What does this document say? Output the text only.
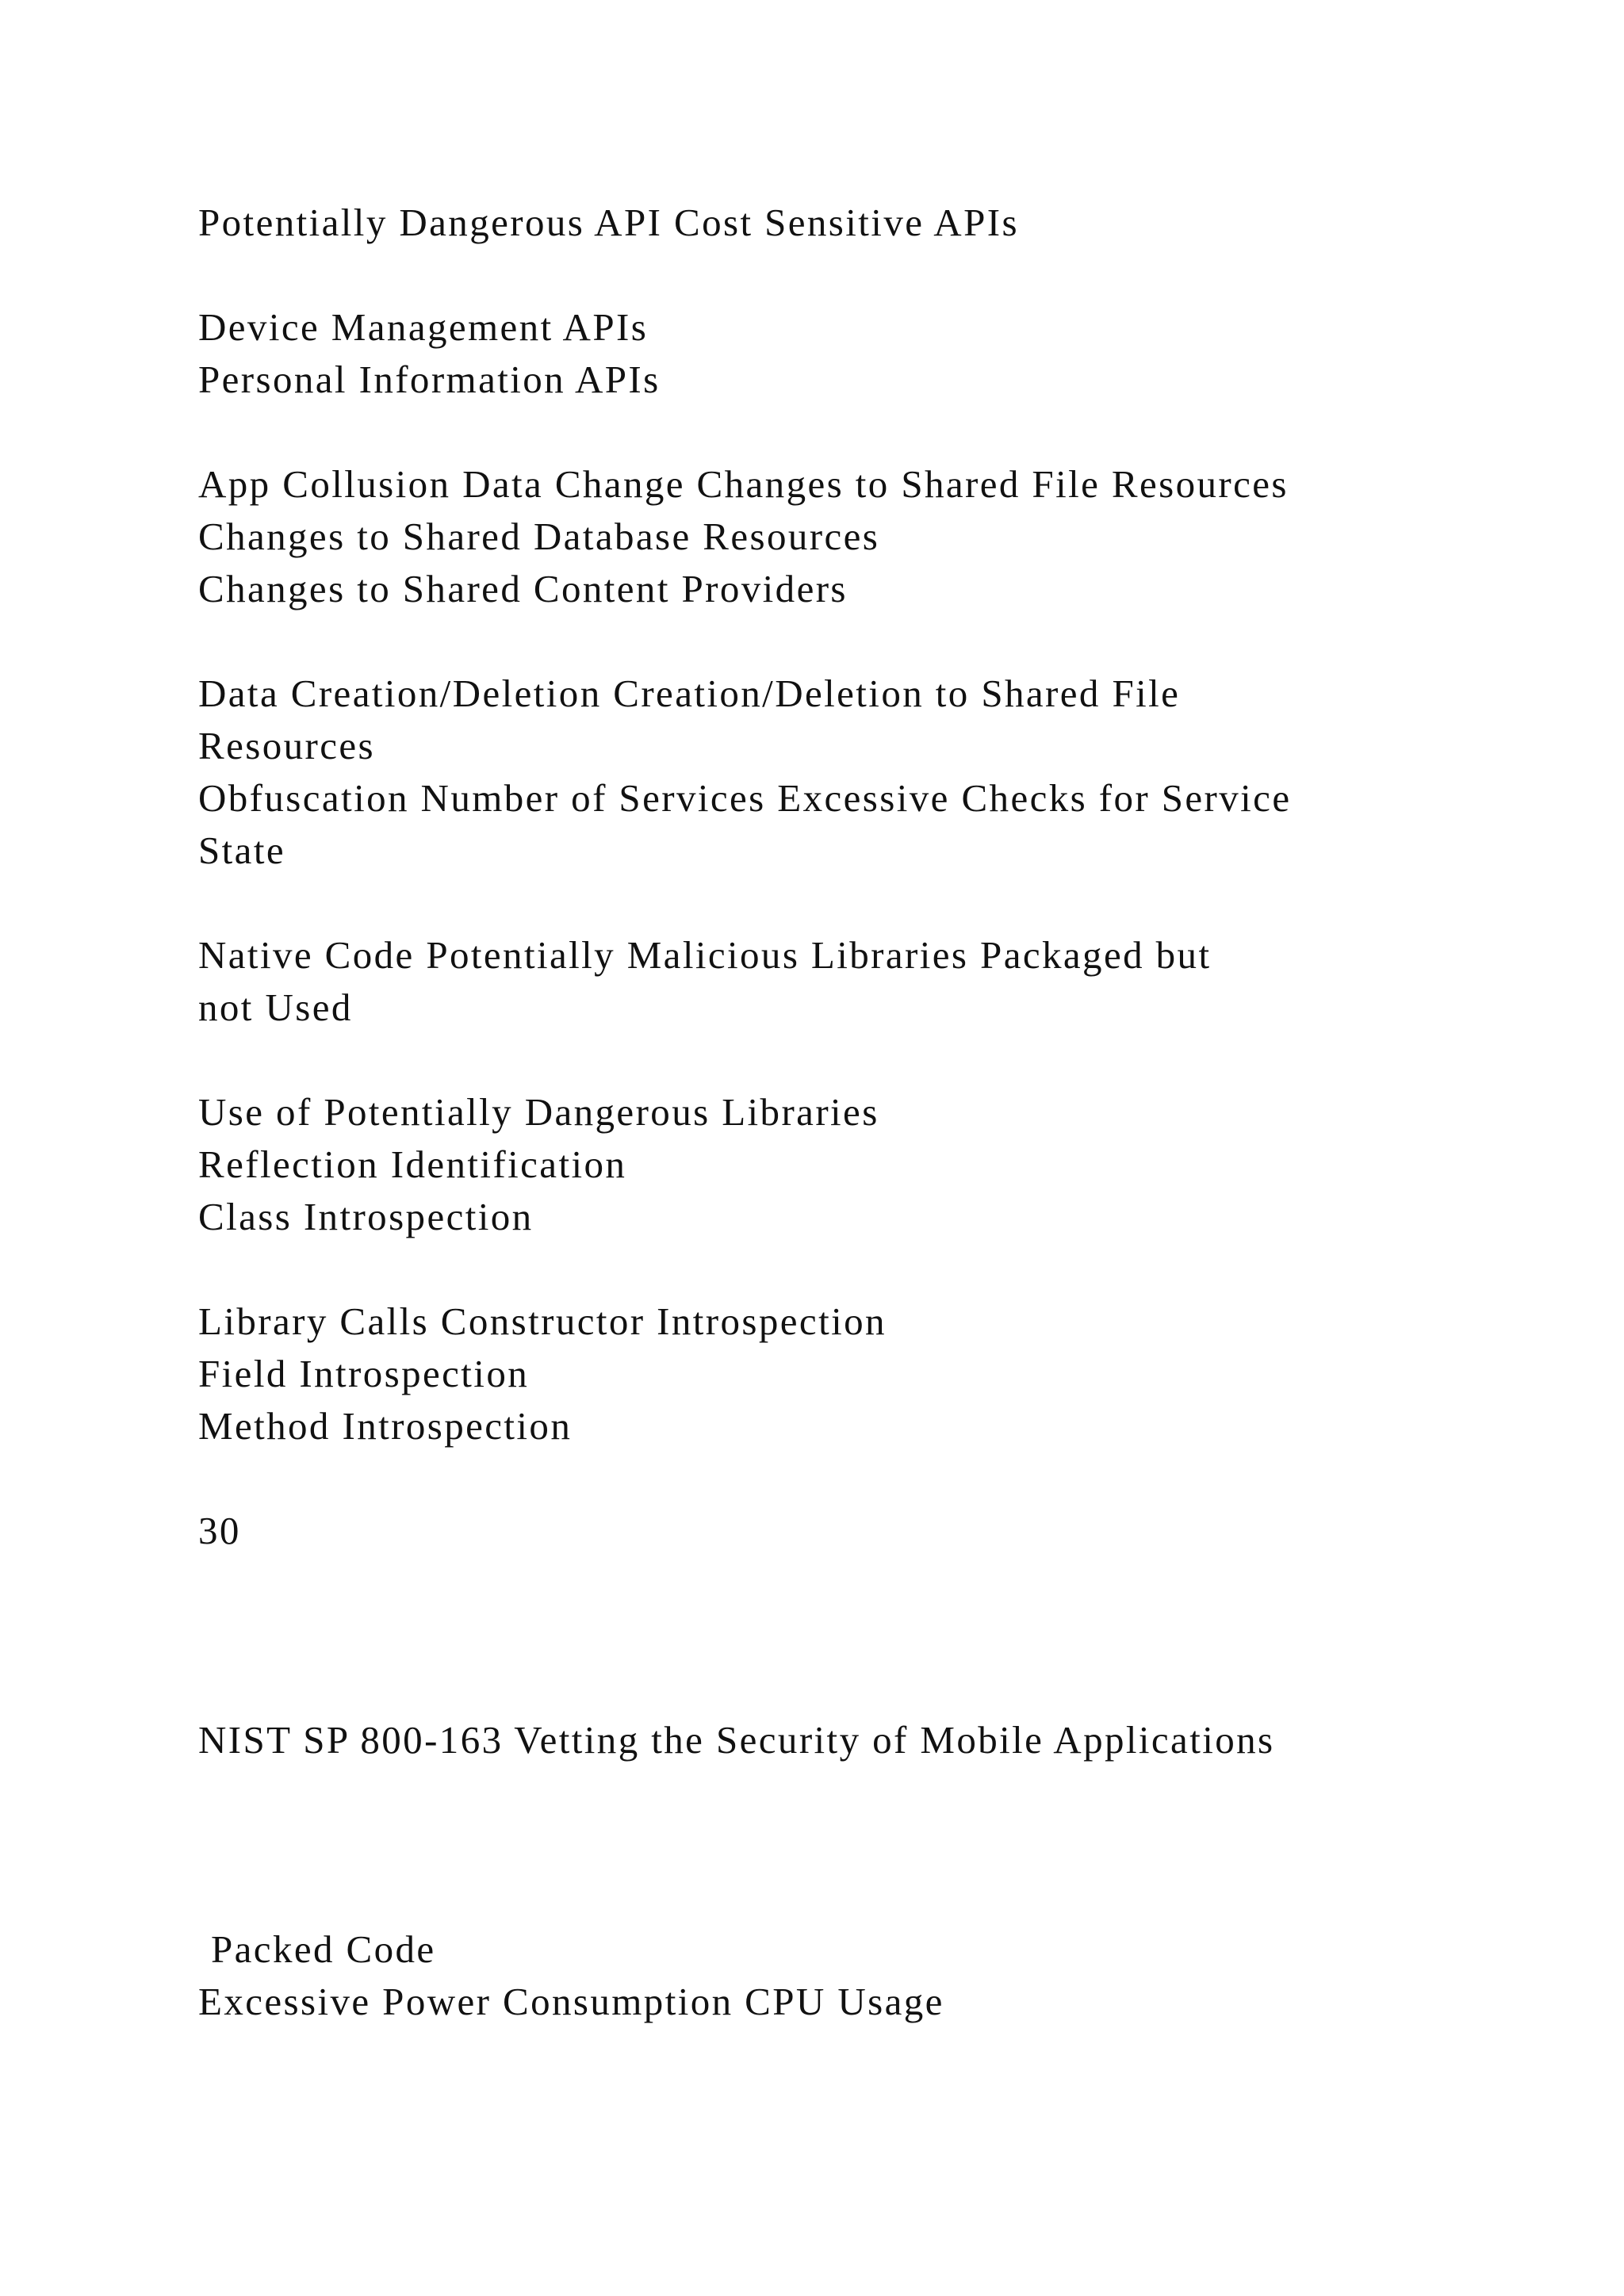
Potentially Dangerous API Cost Sensitive APIs

Device Management APIs

Personal Information APIs

App Collusion Data Change Changes to Shared File Resources

Changes to Shared Database Resources

Changes to Shared Content Providers

Data Creation/Deletion Creation/Deletion to Shared File

Resources

Obfuscation Number of Services Excessive Checks for Service

State

Native Code Potentially Malicious Libraries Packaged but

not Used

Use of Potentially Dangerous Libraries

Reflection Identification

Class Introspection

Library Calls Constructor Introspection

Field Introspection

Method Introspection

30

NIST SP 800-163 Vetting the Security of Mobile Applications

Packed Code

Excessive Power Consumption CPU Usage
